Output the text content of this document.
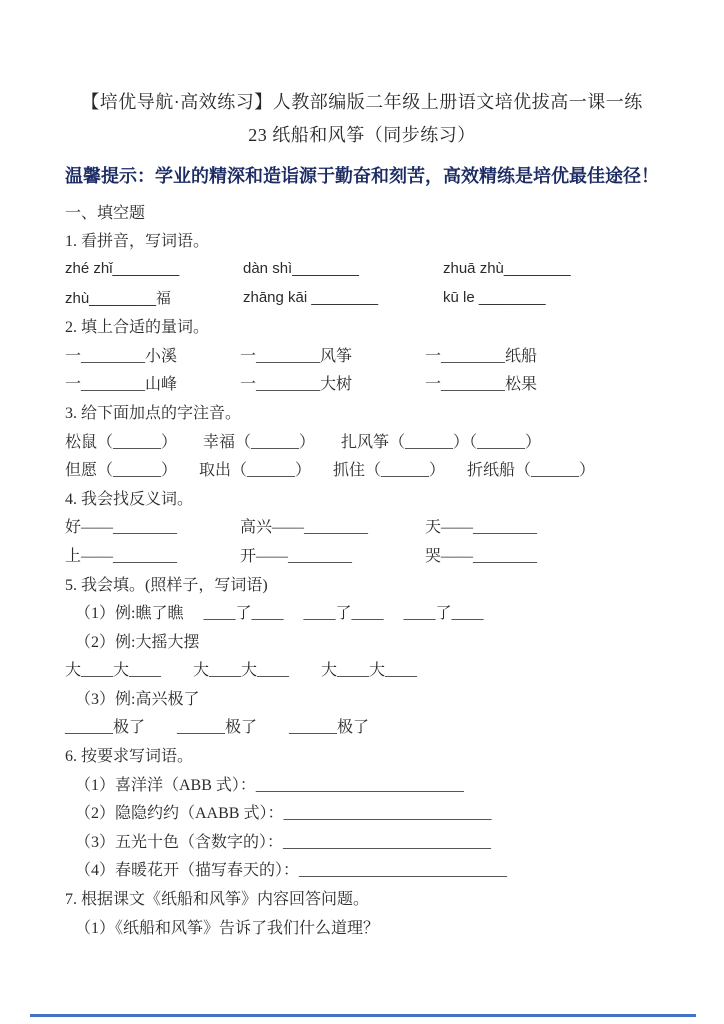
【培优导航·高效练习】人教部编版二年级上册语文培优拔高一课一练
23 纸船和风筝（同步练习）
温馨提示：学业的精深和造诣源于勤奋和刻苦，高效精练是培优最佳途径！
一、填空题
1. 看拼音，写词语。
zhé zhǐ________	dàn shì________	zhuā zhù________
zhù________福	zhāng kāi ________	kū le ________
2. 填上合适的量词。
一________小溪	一________风筝	一________纸船
一________山峰	一________大树	一________松果
3. 给下面加点的字注音。
松鼠（______） 幸福（______） 扎风筝（______）（______）
但愿（______） 取出（______） 抓住（______） 折纸船（______）
4. 我会找反义词。
好——________	高兴——________	天——________
上——________	开——________	哭——________
5. 我会填。(照样子，写词语)
（1）例:瞧了瞧　 ____了____　 ____了____　 ____了____
（2）例:大摇大摆
大____大____　　大____大____　　大____大____
（3）例:高兴极了
______极了　　______极了　　______极了
6. 按要求写词语。
（1）喜洋洋（ABB 式）：__________________________
（2）隐隐约约（AABB 式）：__________________________
（3）五光十色（含数字的）：__________________________
（4）春暖花开（描写春天的）：__________________________
7. 根据课文《纸船和风筝》内容回答问题。
（1）《纸船和风筝》告诉了我们什么道理？
